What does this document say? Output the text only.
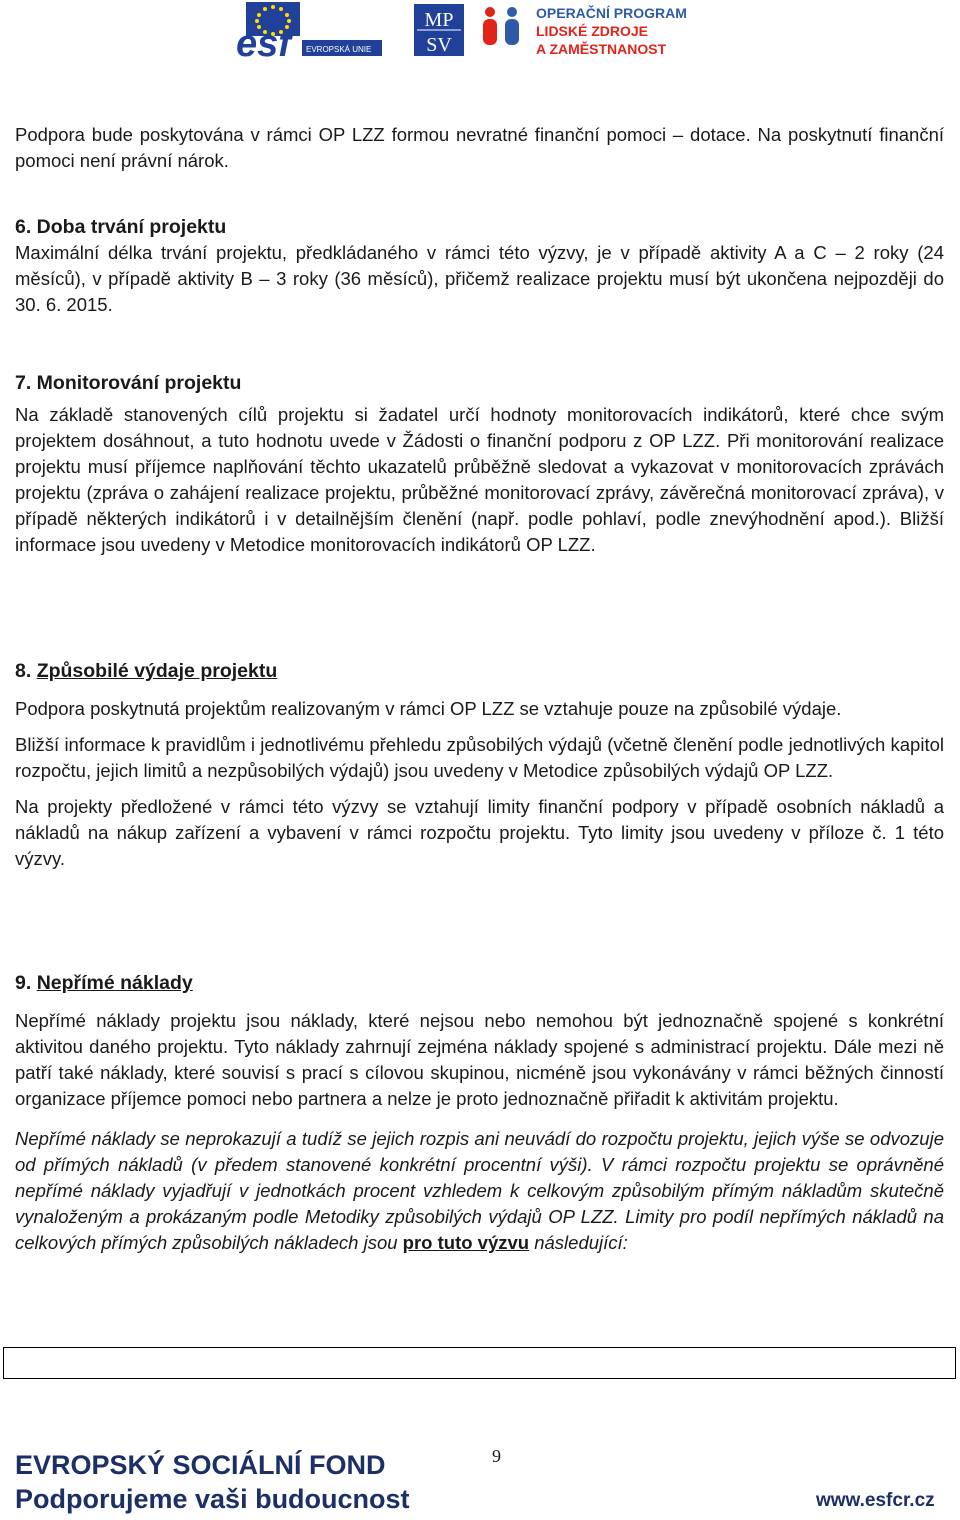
esf	EVROPSKÁ UNIE
MP
SV
OPERAČNÍ PROGRAM
LIDSKÉ ZDROJE
A ZAMĚSTNANOST

Podpora bude poskytována v rámci OP LZZ formou nevratné finanční pomoci – dotace. Na poskytnutí finanční pomoci není právní nárok.

6. Doba trvání projektu

Maximální délka trvání projektu, předkládaného v rámci této výzvy, je v případě aktivity A a C – 2 roky (24 měsíců), v případě aktivity B – 3 roky (36 měsíců), přičemž realizace projektu musí být ukončena nejpozději do 30. 6. 2015.

7. Monitorování projektu

Na základě stanovených cílů projektu si žadatel určí hodnoty monitorovacích indikátorů, které chce svým projektem dosáhnout, a tuto hodnotu uvede v Žádosti o finanční podporu z OP LZZ. Při monitorování realizace projektu musí příjemce naplňování těchto ukazatelů průběžně sledovat a vykazovat v monitorovacích zprávách projektu (zpráva o zahájení realizace projektu, průběžné monitorovací zprávy, závěrečná monitorovací zpráva), v případě některých indikátorů i v detailnějším členění (např. podle pohlaví, podle znevýhodnění apod.). Bližší informace jsou uvedeny v Metodice monitorovacích indikátorů OP LZZ.

8. Způsobilé výdaje projektu

Podpora poskytnutá projektům realizovaným v rámci OP LZZ se vztahuje pouze na způsobilé výdaje.

Bližší informace k pravidlům i jednotlivému přehledu způsobilých výdajů (včetně členění podle jednotlivých kapitol rozpočtu, jejich limitů a nezpůsobilých výdajů) jsou uvedeny v Metodice způsobilých výdajů OP LZZ.

Na projekty předložené v rámci této výzvy se vztahují limity finanční podpory v případě osobních nákladů a nákladů na nákup zařízení a vybavení v rámci rozpočtu projektu. Tyto limity jsou uvedeny v příloze č. 1 této výzvy.

9. Nepřímé náklady

Nepřímé náklady projektu jsou náklady, které nejsou nebo nemohou být jednoznačně spojené s konkrétní aktivitou daného projektu. Tyto náklady zahrnují zejména náklady spojené s administrací projektu. Dále mezi ně patří také náklady, které souvisí s prací s cílovou skupinou, nicméně jsou vykonávány v rámci běžných činností organizace příjemce pomoci nebo partnera a nelze je proto jednoznačně přiřadit k aktivitám projektu.

Nepřímé náklady se neprokazují a tudíž se jejich rozpis ani neuvádí do rozpočtu projektu, jejich výše se odvozuje od přímých nákladů (v předem stanovené konkrétní procentní výši). V rámci rozpočtu projektu se oprávněné nepřímé náklady vyjadřují v jednotkách procent vzhledem k celkovým způsobilým přímým nákladům skutečně vynaloženým a prokázaným podle Metodiky způsobilých výdajů OP LZZ. Limity pro podíl nepřímých nákladů na celkových přímých způsobilých nákladech jsou pro tuto výzvu následující:

EVROPSKÝ SOCIÁLNÍ FOND
Podporujeme vaši budoucnost
9
www.esfcr.cz
